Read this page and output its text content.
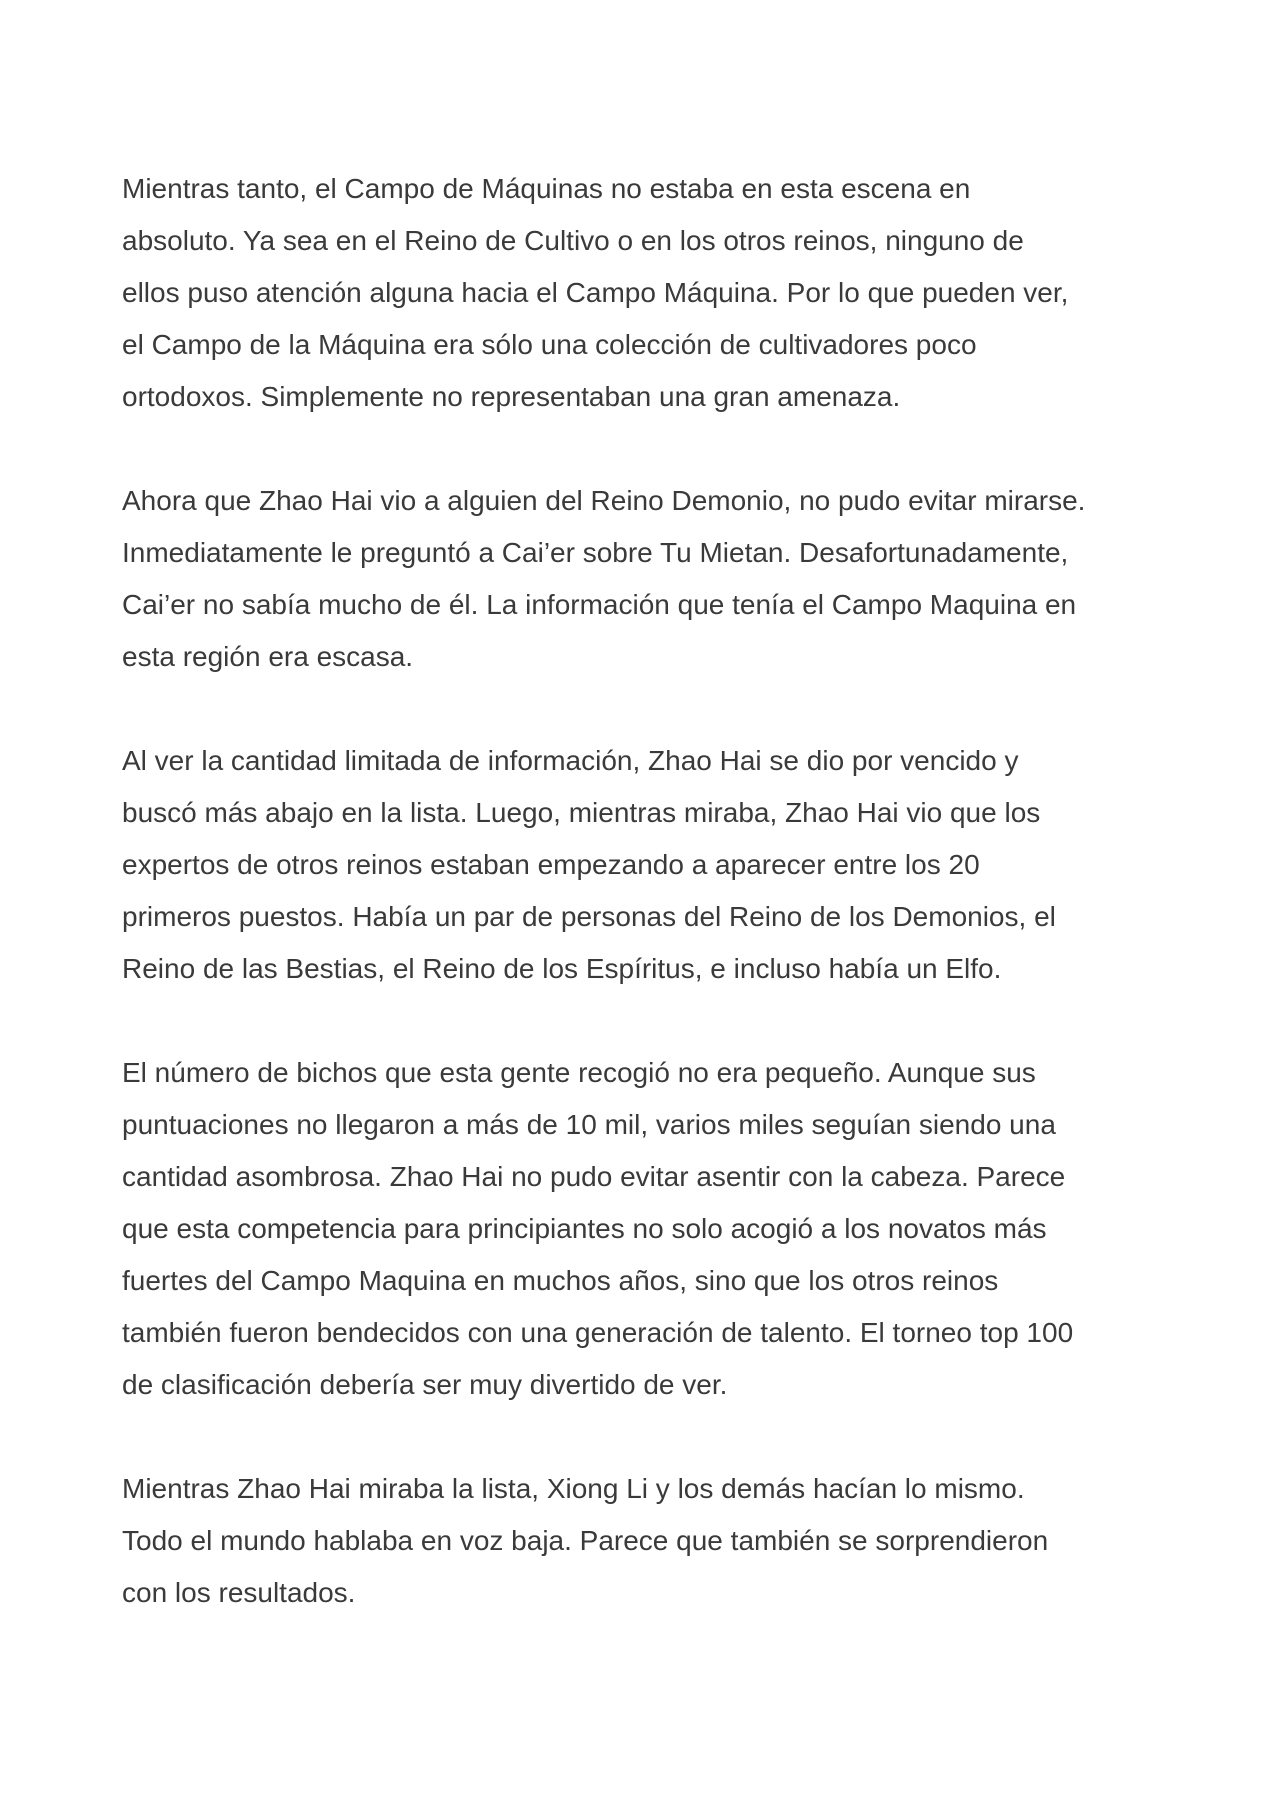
Mientras tanto, el Campo de Máquinas no estaba en esta escena en
absoluto. Ya sea en el Reino de Cultivo o en los otros reinos, ninguno de
ellos puso atención alguna hacia el Campo Máquina. Por lo que pueden ver,
el Campo de la Máquina era sólo una colección de cultivadores poco
ortodoxos. Simplemente no representaban una gran amenaza.

Ahora que Zhao Hai vio a alguien del Reino Demonio, no pudo evitar mirarse.
Inmediatamente le preguntó a Cai’er sobre Tu Mietan. Desafortunadamente,
Cai’er no sabía mucho de él. La información que tenía el Campo Maquina en
esta región era escasa.

Al ver la cantidad limitada de información, Zhao Hai se dio por vencido y
buscó más abajo en la lista. Luego, mientras miraba, Zhao Hai vio que los
expertos de otros reinos estaban empezando a aparecer entre los 20
primeros puestos. Había un par de personas del Reino de los Demonios, el
Reino de las Bestias, el Reino de los Espíritus, e incluso había un Elfo.

El número de bichos que esta gente recogió no era pequeño. Aunque sus
puntuaciones no llegaron a más de 10 mil, varios miles seguían siendo una
cantidad asombrosa. Zhao Hai no pudo evitar asentir con la cabeza. Parece
que esta competencia para principiantes no solo acogió a los novatos más
fuertes del Campo Maquina en muchos años, sino que los otros reinos
también fueron bendecidos con una generación de talento. El torneo top 100
de clasificación debería ser muy divertido de ver.

Mientras Zhao Hai miraba la lista, Xiong Li y los demás hacían lo mismo.
Todo el mundo hablaba en voz baja. Parece que también se sorprendieron
con los resultados.
